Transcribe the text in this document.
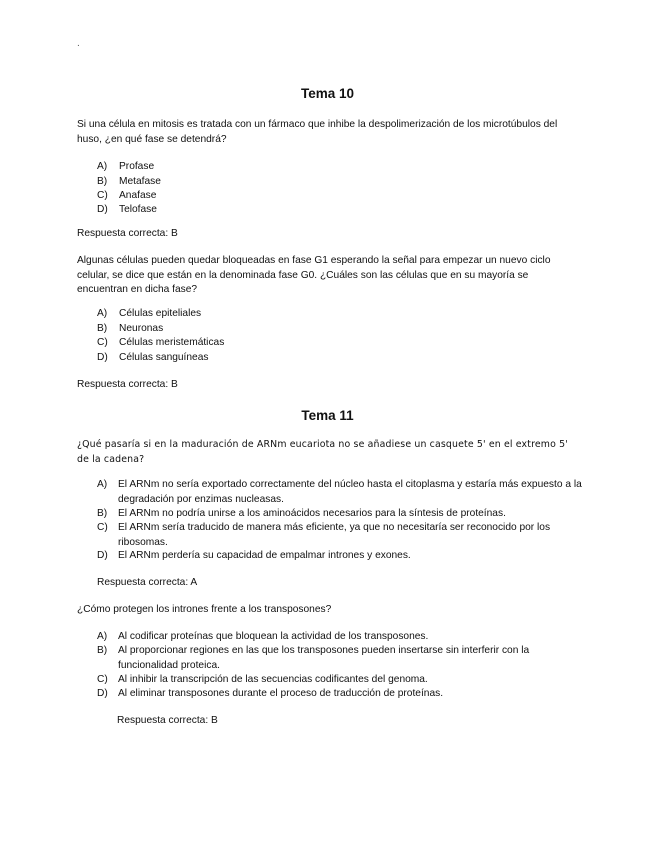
.
Tema 10

Si una célula en mitosis es tratada con un fármaco que inhibe la despolimerización de los microtúbulos del huso, ¿en qué fase se detendrá?

A) Profase
B) Metafase
C) Anafase
D) Telofase
Respuesta correcta: B

Algunas células pueden quedar bloqueadas en fase G1 esperando la señal para empezar un nuevo ciclo celular, se dice que están en la denominada fase G0. ¿Cuáles son las células que en su mayoría se encuentran en dicha fase?

A) Células epiteliales
B) Neuronas
C) Células meristemáticas
D) Células sanguíneas
Respuesta correcta: B
Tema 11

¿Qué pasaría si en la maduración de ARNm eucariota no se añadiese un casquete 5' en el extremo 5' de la cadena?

A) El ARNm no sería exportado correctamente del núcleo hasta el citoplasma y estaría más expuesto a la degradación por enzimas nucleasas.
B) El ARNm no podría unirse a los aminoácidos necesarios para la síntesis de proteínas.
C) El ARNm sería traducido de manera más eficiente, ya que no necesitaría ser reconocido por los ribosomas.
D) El ARNm perdería su capacidad de empalmar intrones y exones.
Respuesta correcta: A

¿Cómo protegen los intrones frente a los transposones?

A) Al codificar proteínas que bloquean la actividad de los transposones.
B) Al proporcionar regiones en las que los transposones pueden insertarse sin interferir con la funcionalidad proteica.
C) Al inhibir la transcripción de las secuencias codificantes del genoma.
D) Al eliminar transposones durante el proceso de traducción de proteínas.
Respuesta correcta: B
